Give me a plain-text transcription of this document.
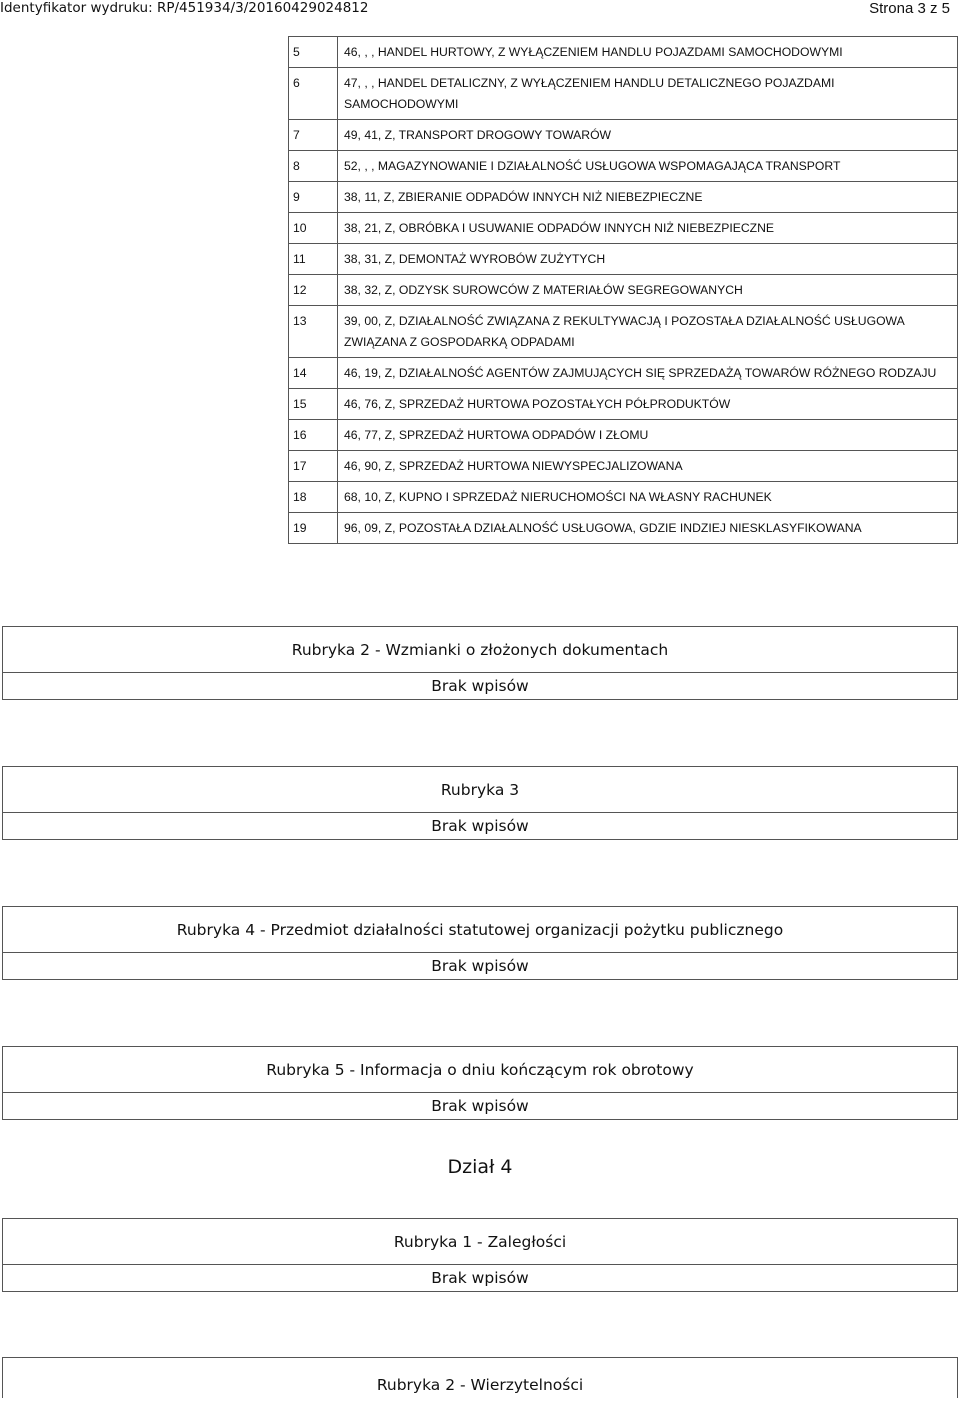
Identyfikator wydruku: RP/451934/3/20160429024812	Strona 3 z 5
5	46, , , HANDEL HURTOWY, Z WYŁĄCZENIEM HANDLU POJAZDAMI SAMOCHODOWYMI
6	47, , , HANDEL DETALICZNY, Z WYŁĄCZENIEM HANDLU DETALICZNEGO POJAZDAMI SAMOCHODOWYMI
7	49, 41, Z, TRANSPORT DROGOWY TOWARÓW
8	52, , , MAGAZYNOWANIE I DZIAŁALNOŚĆ USŁUGOWA WSPOMAGAJĄCA TRANSPORT
9	38, 11, Z, ZBIERANIE ODPADÓW INNYCH NIŻ NIEBEZPIECZNE
10	38, 21, Z, OBRÓBKA I USUWANIE ODPADÓW INNYCH NIŻ NIEBEZPIECZNE
11	38, 31, Z, DEMONTAŻ WYROBÓW ZUŻYTYCH
12	38, 32, Z, ODZYSK SUROWCÓW Z MATERIAŁÓW SEGREGOWANYCH
13	39, 00, Z, DZIAŁALNOŚĆ ZWIĄZANA Z REKULTYWACJĄ I POZOSTAŁA DZIAŁALNOŚĆ USŁUGOWA ZWIĄZANA Z GOSPODARKĄ ODPADAMI
14	46, 19, Z, DZIAŁALNOŚĆ AGENTÓW ZAJMUJĄCYCH SIĘ SPRZEDAŻĄ TOWARÓW RÓŻNEGO RODZAJU
15	46, 76, Z, SPRZEDAŻ HURTOWA POZOSTAŁYCH PÓŁPRODUKTÓW
16	46, 77, Z, SPRZEDAŻ HURTOWA ODPADÓW I ZŁOMU
17	46, 90, Z, SPRZEDAŻ HURTOWA NIEWYSPECJALIZOWANA
18	68, 10, Z, KUPNO I SPRZEDAŻ NIERUCHOMOŚCI NA WŁASNY RACHUNEK
19	96, 09, Z, POZOSTAŁA DZIAŁALNOŚĆ USŁUGOWA, GDZIE INDZIEJ NIESKLASYFIKOWANA
Rubryka 2 - Wzmianki o złożonych dokumentach
Brak wpisów
Rubryka 3
Brak wpisów
Rubryka 4 - Przedmiot działalności statutowej organizacji pożytku publicznego
Brak wpisów
Rubryka 5 - Informacja o dniu kończącym rok obrotowy
Brak wpisów
Dział 4
Rubryka 1 - Zaległości
Brak wpisów
Rubryka 2 - Wierzytelności
